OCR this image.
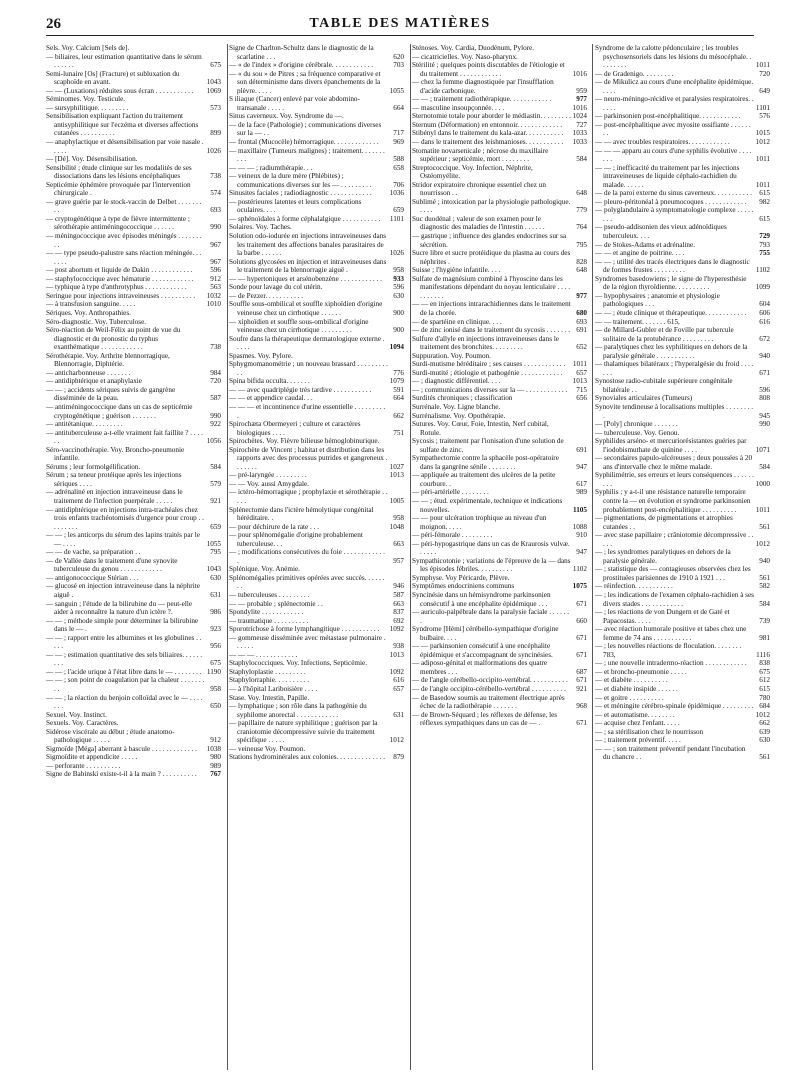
26	TABLE DES MATIÈRES
Sels. Voy. Calcium [Sels de].
— biliaires, leur estimation quantitative dans le sérum . . . . . .	675
Semi-lunaire [Os] (Fracture) et subluxation du scaphoïde en avant.	1043
— — (Luxations) réduites sous écran . . . . . . . . . . . 1069
Séminomes. Voy. Testicule.
— sursyphilitique. . . . . . . . .	573
Sensibilisation expliquant l'action du traitement antisyphilitique sur l'eczéma et diverses affections cutanées . . . . . . . . . .	899
— anaphylactique et désensibilisation par voie nasale . . . . .	1026
— [Dé]. Voy. Désensibilisation.
Sensibilité ; étude clinique sur les modalités de ses dissociations dans les lésions encéphaliques	738
Septicémie éphémère provoquée par l'intervention chirurgicale .	574
— grave guérie par le stock-vaccin de Delbet . . . . . . . . .	693
— cryptogénétique à type de fièvre intermittente ; sérothérapie antiméningococcique . . . . . .	990
— méningococcique avec épisodes méningés . . . . . . . . .	967
— — type pseudo-palustre sans réaction méningée. . . . . . .	967
— post abortum et liquide de Dakin . . . . . . . . . . . . 596
— staphylococcique avec hématurie . . . . . . . . . . . . 912
— typhique à type d'anthrotyphus . . . . . . . . . . . .	563
Seringue pour injections intraveineuses . . . . . . . . . . 1032
— à transfusion sanguine. . . . .	1010
Sériques. Voy. Anthropathies.
Séro-diagnostic. Voy. Tuberculose.
Séro-réaction de Weil-Félix au point de vue du diagnostic et du pronostic du typhus exanthématique . . . . . . . . . . . .	738
Sérothérapie. Voy. Arthrite blennorragique, Blennorragie, Diphtérie.
— anticharbonneuse . . . . . . .	984
— antidiphtérique et anaphylaxie	720
— — ; accidents sériques suivis de gangrène disséminée de la peau.	587
— antiméningococcique dans un cas de septicémie cryptogénétique ; guérison . . . . . . .	990
— antitétanique. . . . . . . . .	922
— antituberculeuse a-t-elle vraiment fait faillite ? . . . . . .	1056
Séro-vaccinothérapie. Voy. Broncho-pneumonie infantile.
Sérums ; leur formolgélification.	584
Sérum ; sa teneur protéique après les injections sériques . . . .	579
— adrénaliné en injection intraveineuse dans le traitement de l'infection puerpérale . . . . .	921
— antidiphtérique en injections intra-trachéales chez trois enfants trachéotomisés d'urgence pour croup . . . . . . . . .	659
— — ; les anticorps du sérum des lapins traités par le — . . . .	1055
— — de vache, sa préparation . .	795
— de Vallée dans le traitement d'une synovite tuberculeuse du genou . . . . . . . . . . . .	1043
— antigonococcique Stérian . . .	630
— glucosé en injection intraveineuse dans la néphrite aiguë .	631
— sanguin ; l'étude de la bilirubine du — peut-elle aider à reconnaître la nature d'un ictère ?.	986
— — ; méthode simple pour déterminer la bilirubine dans le — .	923
— — ; rapport entre les albumines et les globulines . . . . .	956
— — ; estimation quantitative des sels biliaires. . . . . . . . .	675
— — ; l'acide urique à l'état libre dans le — . . . . . . . . 1190
— — ; son point de coagulation par la chaleur . . . . . . . . .	958
— — ; la réaction du benjoin colloïdal avec le — . . . . . . .	650
Sexuel. Voy. Instinct.
Sexuels. Voy. Caractères.
Sidérose viscérale au début ; étude anatomo-pathologique . . . . .	912
Sigmoïde [Méga] aberrant à bascule . . . . . . . . . . . . . 1038
Sigmoïdite et appendicite . . . . .	980
— perforante . . . . . . . . . .	989
Signe de Babinski existe-t-il à la main ? . . . . . . . . . . 767
Signe de Charlton-Schultz dans le diagnostic de la scarlatine . . .	620
— « de l'index » d'origine cérébrale. . . . . . . . . . . .	703
— « du sou » de Pitres ; sa fréquence comparative et son déterminisme dans divers épanchements de la plèvre. . . . .	1055
S iliaque (Cancer) enlevé par voie abdomino-transanale . . . . .	664
Sinus caverneux. Voy. Syndrome du —.
— de la face (Pathologie) ; communications diverses sur la — . .	717
— frontal (Mucocèle) hémorragique. . . . . . . . . . . . . 969
— maxillaire (Tumeurs malignes) ; traitement. . . . . . . . . .	588
— — — ; radiumthérapie. . .	658
— veineux de la dure mère (Phlébites) ; communications diverses sur les — . . . . . . . . .	706
Sinusites faciales ; radiodiagnostic . . . . . . . . . . . . 1036
— postérieures latentes et leurs complications oculaires. . . .	659
— sphénoïdales à forme céphalalgique . . . . . . . . . . . 1101
Solaires. Voy. Taches.
Solution odo-iodurée en injections intraveineuses dans les traitement des affections banales parasitaires de la barbe . . . . . .	1026
Solutions glycosées en injection et intraveineuses dans le traitement de la blennorragie aiguë .	958
— — hypertoniques et arsénobenzène . . . . . . . . . . . . 933
Sonde pour lavage du col utérin.	596
— de Pezzer. . . . . . . . . . .	630
Souffle sous-ombilical et souffle xiphoïdien d'origine veineuse chez un cirrhotique . . . . . .	900
— xiphoïdien et souffle sous-ombilical d'origine veineuse chez un cirrhotique . . . . . . . . .	900
Soufre dans la thérapeutique dermatologique externe . . . . .	1094
Spasmes. Voy. Pylore.
Sphygmomanométrie ; un nouveau brassard . . . . . . . . . . .	776
Spina bifida occulta. . . . . . .	1079
— — avec quadriplégie très tardive . . . . . . . . . . .	591
— — et appendice caudal. . .	664
— — — et incontinence d'urine essentielle . . . . . . . . . .	662
Spirochæta Obermeyeri ; culture et caractères biologiques . . . .	751
Spirochètes. Voy. Fièvre bilieuse hémoglobinurique.
Spirochète de Vincent ; habitat et distribution dans les rapports avec des processus putrides et gangreneux . . . . . . .	1027
— pré-laryngée . . . . . . . . .	1013
— — Voy. aussi Amygdale.
— ictéro-hémorragique ; prophylaxie et sérothérapie . . . . .	1005
Splénectomie dans l'ictère hémolytique congénital héréditaire. .	958
— pour déchirure de la rate . . .	1048
— pour splénomégalie d'origine probablement tuberculeuse. . .	663
— ; modifications consécutives du foie . . . . . . . . . . . . .	957
Splénique. Voy. Anémie.
Splénomégalies primitives opérées avec succès. . . . . . . .	946
— tuberculeuses . . . . . . . . .	587
— — probable ; splénectomie . .	663
Spondylite . . . . . . . . . . . .	837
— traumatique . . . . . . . . . .	692
Sporotrichose à forme lymphangitique . . . . . . . . . . . 1092
— gommeuse disséminée avec métastase pulmonaire . . . . . .	938
— — — . . . . . . . . . . . .	1013
Staphylococciques. Voy. Infections, Septicémie.
Staphyloplastie . . . . . . . . .	1092
Staphylorraphie. . . . . . . . . .	616
— à l'hôpital Lariboisière . . . .	657
Stase. Voy. Intestin, Papille.
— lymphatique ; son rôle dans la pathogénie du syphilome anorectal . . . . . . . . . . . .	631
— papillaire de nature syphilitique ; guérison par la craniotomie décompressive suivie du traitement spécifique . . . . .	1012
— veineuse Voy. Poumon.
Stations hydrominérales aux colonies. . . . . . . . . . . . . . 879
Sténoses. Voy. Cardia, Duodénum, Pylore.
— cicatricielles. Voy. Naso-pharynx.
Stérilité ; quelques points discutables de l'étiologie et du traitement . . . . . . . . . . . .	1016
— chez la femme diagnostiquée par l'insufflation d'acide carbonique.	959
— — ; traitement radiothérapique. . . . . . . . . . . .	977
— masculine insoupçonnée. . . .	1016
Sternotomie totale pour aborder le médiastin. . . . . . . . . 1024
Sternum (Déformation) en entonnoir. . . . . . . . . . . . . 727
Stibényl dans le traitement du kala-azar. . . . . . . . . . . 1033
— dans le traitement des leishmanioses. . . . . . . . . . . 1033
Stomatite novarsenicale ; nécrose du maxillaire supérieur ; septicémie, mort . . . . . . . .	584
Streptococcique. Voy. Infection, Néphrite, Ostéomyélite.
Stridor expiratoire chronique essentiel chez un nourrisson . .	648
Sublimé ; intoxication par la physiologie pathologique. . . . .	779
Suc duodénal ; valeur de son examen pour le diagnostic des maladies de l'intestin . . . . . .	764
— gastrique ; influence des glandes endocrines sur sa sécrétion.	795
Sucre libre et sucre protéidique du plasma au cours des néphrites .	828
Suisse ; l'hygiène infantile. . . .	648
Sulfate de magnésium combiné à l'hyoscine dans les manifestations dépendant du noyau lenticulaire . . . . . . . . . . .	977
— — en injections intrarachidiennes dans le traitement de la chorée.	680
— de spartéine en clinique. . . .	693
— de zinc ionisé dans le traitement du sycosis . . . . . . . 691
Sulfure d'allyle en injections intraveineuses dans le traitement des bronchites. . . . . . . . .	652
Suppuration. Voy. Poumon.
Surdi-mutisme héréditaire ; ses causes . . . . . . . . . . . . 1011
Surdi-mutité ; étiologie et pathogénie . . . . . . . . . . . . 657
— ; diagnostic différentiel. . . .	1013
— ; communications diverses sur la — . . . . . . . . . . . . 715
Surdités chroniques ; classification	656
Surrénale. Voy. Ligne blanche.
Surrénalisme. Voy. Opothérapie.
Sutures. Voy. Cœur, Foie, Intestin, Nerf cubital, Rotule.
Sycosis ; traitement par l'ionisation d'une solution de sulfate de zinc.	691
Sympathectomie contre la sphacèle post-opératoire dans la gangrène sénile . . . . . . . .	947
— appliquée au traitement des ulcères de la petite courbure. .	617
— péri-artérielle . . . . . . . .	989
— — ; étud. expérimentale, technique et indications nouvelles.	1105
— — pour ulcération trophique au niveau d'un moignon. . . . .	1088
— péri-fémorale . . . . . . . . .	910
— péri-hypogastrique dans un cas de Kraurosis vulvæ. . . . . .	947
Sympathicotonie ; variations de l'épreuve de la — dans les épisodes fébriles. . . . . . . . . .	1102
Symphyse. Voy Péricarde, Plèvre.
Symptômes endocriniens communs	1075
Syncinésie dans un hémisyndrome parkinsonien consécutif à une encéphalite épidémique . . .	671
— auriculo-palpébrale dans la paralysie faciale . . . . . . .	660
Syndrome [Hémi] cérébello-sympathique d'origine bulbaire. . . .	671
— — parkinsonien consécutif à une encéphalite épidémique et s'accompagnant de syncinésies.	671
— adiposo-génital et malformations des quatre membres . . .	687
— de l'angle cérébello-occipito-vertébral. . . . . . . . . . . 671
— de l'angle occipito-cérébello-vertébral . . . . . . . . . . 921
— de Basedow soumis au traitement électrique après échec de la radiothérapie . . . . . . .	968
— de Brown-Séquard ; les réflexes de défense, les réflexes sympathiques dans un cas de — .	671
Syndrome de la calotte pédonculaire ; les troubles psychosensoriels dans les lésions du mésocéphale. . . . . . . . .	1011
— de Gradenigo. . . . . . . . .	720
— de Mikulicz au cours d'une encéphalite épidémique. . . . .	649
— neuro-méningo-récidive et paralysies respiratoires. . . . . .	1101
— parkinsonien post-encéphalitique. . . . . . . . . . . .	576
— post-encéphalitique avec myosite ossifiante . . . . . . . .	1015
— — avec troubles respiratoires. . . . . . . . . . . .	1012
— — — apparu au cours d'une syphilis évolutive . . . . . . .	1011
— — ; inefficacité du traitement par les injections intraveineuses de liquide céphalo-rachidien du malade. . . . . .	1011
— de la paroi externe du sinus caverneux. . . . . . . . . . . 615
— pleuro-péritonéal à pneumocoques . . . . . . . . . . . . 982
— polyglandulaire à symptomatologie complexe . . . . . . . .	615
— pseudo-addisonien des vieux adénoïdiques tuberculeux. . . .	729
— de Stokes-Adams et adrénaline.	793
— — et angine de poitrine. . . .	755
— — ; utilité des tracés électriques dans le diagnostic de formes frustes . . . . . . . . .	1102
Syndromes basedowiens ; le signe de l'hyperesthésie de la région thyroïdienne. . . . . . . . . .	1099
— hypophysaires ; anatomie et physiologie pathologiques . . .	604
— — ; étude clinique et thérapeutique. . . . . . . . . . . . 606
— — traitement. . . . . . . 615,	616
— de Millard-Gubler et de Foville par tubercule solitaire de la protubérance . . . . . . . . .	672
— paralytiques chez les syphilitiques en dehors de la paralysie générale . . . . . . . . . . .	940
— thalamiques bilatéraux ; l'hyperalgésie du froid . . . . . . .	671
Synostose radio-cubitale supérieure congénitale bilatérale . .	596
Synoviales articulaires (Tumeurs)	808
Synovite tendineuse à localisations multiples . . . . . . . . .	945
— [Poly] chronique . . . . . . .	990
— tuberculeuse. Voy. Genou.
Syphilides arséno- et mercuriorésistantes guéries par l'iodobismuthate de quinine . . . .	1071
— secondaires papulo-ulcéreuses ; deux poussées à 20 ans d'intervalle chez le même malade.	584
Syphilimétrie, ses erreurs et leurs conséquences . . . . . . . . .	1000
Syphilis ; y a-t-il une résistance naturelle temporaire contre la — en évolution et syndrome parkinsonien probablement post-encéphalitique . . . . . . . . . .	1011
— pigmentations, de pigmentations et atrophies cutanées . .	561
— avec stase papillaire ; crâniotomie décompressive . . . . .	1012
— ; les syndromes paralytiques en dehors de la paralysie générale.	940
— ; statistique des — contagieuses observées chez les prostituées parisiennes de 1910 à 1921 . . .	561
— réinfection. . . . . . . . . . .	582
— ; les indications de l'examen céphalo-rachidien à ses divers stades . . . . . . . . . . . .	584
— ; les réactions de von Dungern et de Gaté et Papacostas. . . . .	739
— avec réaction humorale positive et tabes chez une femme de 74 ans . . . . . . . . . . .	981
— ; les nouvelles réactions de floculation. . . . . . . . 783,	1116
— ; une nouvelle intradermo-réaction . . . . . . . . . . . . 838
— et broncho-pneumonie . . . . .	675
— et diabète . . . . . . . . . .	612
— et diabète insipide . . . . . .	615
— et goitre . . . . . . . . . .	780
— et méningite cérébro-spinale épidémique . . . . . . . . . 684
— et automatisme. . . . . . . .	1012
— acquise chez l'enfant. . . . .	662
— ; sa stérilisation chez le nourrisson	639
— ; traitement préventif. . . . .	630
— — ; son traitement préventif pendant l'incubation du chancre . .	561
